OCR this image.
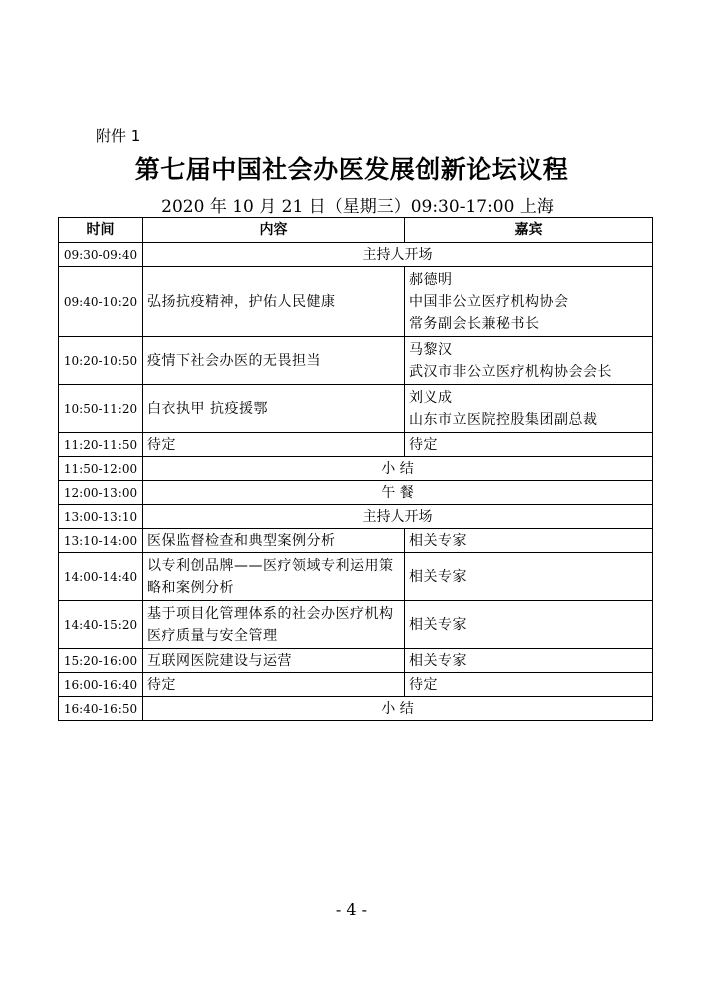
附件 1
第七届中国社会办医发展创新论坛议程
2020 年 10 月 21 日（星期三）09:30-17:00 上海
时间	内容	嘉宾
09:30-09:40	主持人开场	
09:40-10:20	弘扬抗疫精神，护佑人民健康	郝德明
中国非公立医疗机构协会
常务副会长兼秘书长

10:20-10:50	疫情下社会办医的无畏担当	马黎汉
武汉市非公立医疗机构协会会长

10:50-11:20	白衣执甲 抗疫援鄂	刘义成
山东市立医院控股集团副总裁

11:20-11:50	待定	待定

11:50-12:00	小 结	
12:00-13:00	午 餐	
13:00-13:10	主持人开场	
13:10-14:00	医保监督检查和典型案例分析	相关专家

14:00-14:40	以专利创品牌——医疗领域专利运用策略和案例分析	相关专家

14:40-15:20	基于项目化管理体系的社会办医疗机构医疗质量与安全管理	相关专家

15:20-16:00	互联网医院建设与运营	相关专家

16:00-16:40	待定	待定

16:40-16:50	小 结	
- 4 -
